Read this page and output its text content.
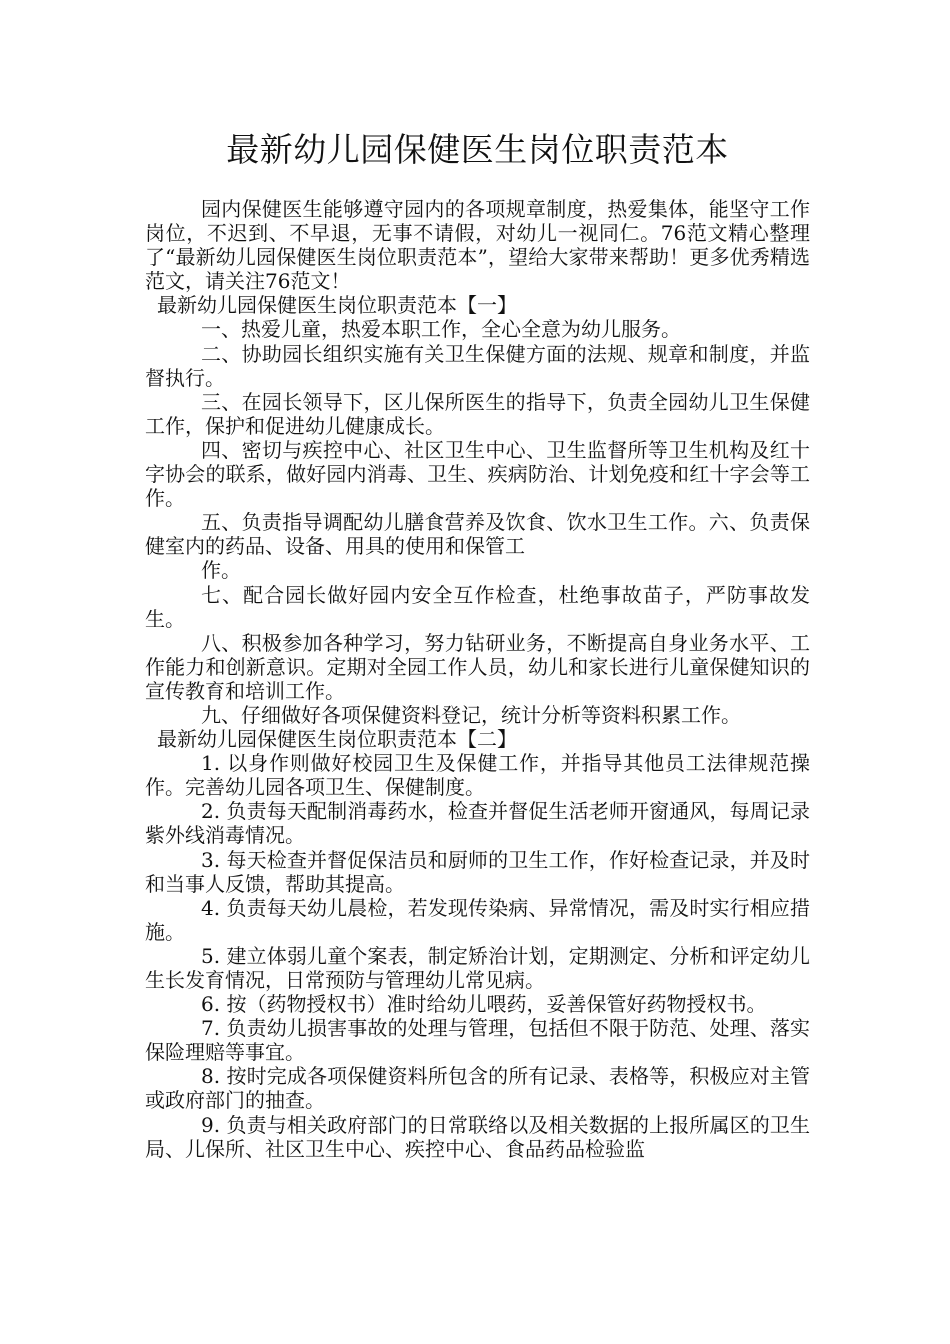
最新幼儿园保健医生岗位职责范本

园内保健医生能够遵守园内的各项规章制度，热爱集体，能坚守工作岗位，不迟到、不早退，无事不请假，对幼儿一视同仁。76范文精心整理了“最新幼儿园保健医生岗位职责范本”，望给大家带来帮助！更多优秀精选范文，请关注76范文！

最新幼儿园保健医生岗位职责范本【一】

一、热爱儿童，热爱本职工作，全心全意为幼儿服务。

二、协助园长组织实施有关卫生保健方面的法规、规章和制度，并监督执行。

三、在园长领导下，区儿保所医生的指导下，负责全园幼儿卫生保健工作，保护和促进幼儿健康成长。

四、密切与疾控中心、社区卫生中心、卫生监督所等卫生机构及红十字协会的联系，做好园内消毒、卫生、疾病防治、计划免疫和红十字会等工作。

五、负责指导调配幼儿膳食营养及饮食、饮水卫生工作。六、负责保健室内的药品、设备、用具的使用和保管工

作。

七、配合园长做好园内安全互作检查，杜绝事故苗子，严防事故发生。

八、积极参加各种学习，努力钻研业务，不断提高自身业务水平、工作能力和创新意识。定期对全园工作人员，幼儿和家长进行儿童保健知识的宣传教育和培训工作。

九、仔细做好各项保健资料登记，统计分析等资料积累工作。

最新幼儿园保健医生岗位职责范本【二】

1. 以身作则做好校园卫生及保健工作，并指导其他员工法律规范操作。完善幼儿园各项卫生、保健制度。

2. 负责每天配制消毒药水，检查并督促生活老师开窗通风，每周记录紫外线消毒情况。

3. 每天检查并督促保洁员和厨师的卫生工作，作好检查记录，并及时和当事人反馈，帮助其提高。

4. 负责每天幼儿晨检，若发现传染病、异常情况，需及时实行相应措施。

5. 建立体弱儿童个案表，制定矫治计划，定期测定、分析和评定幼儿生长发育情况，日常预防与管理幼儿常见病。

6. 按（药物授权书）准时给幼儿喂药，妥善保管好药物授权书。

7. 负责幼儿损害事故的处理与管理，包括但不限于防范、处理、落实保险理赔等事宜。

8. 按时完成各项保健资料所包含的所有记录、表格等，积极应对主管或政府部门的抽查。

9. 负责与相关政府部门的日常联络以及相关数据的上报所属区的卫生局、儿保所、社区卫生中心、疾控中心、食品药品检验监
